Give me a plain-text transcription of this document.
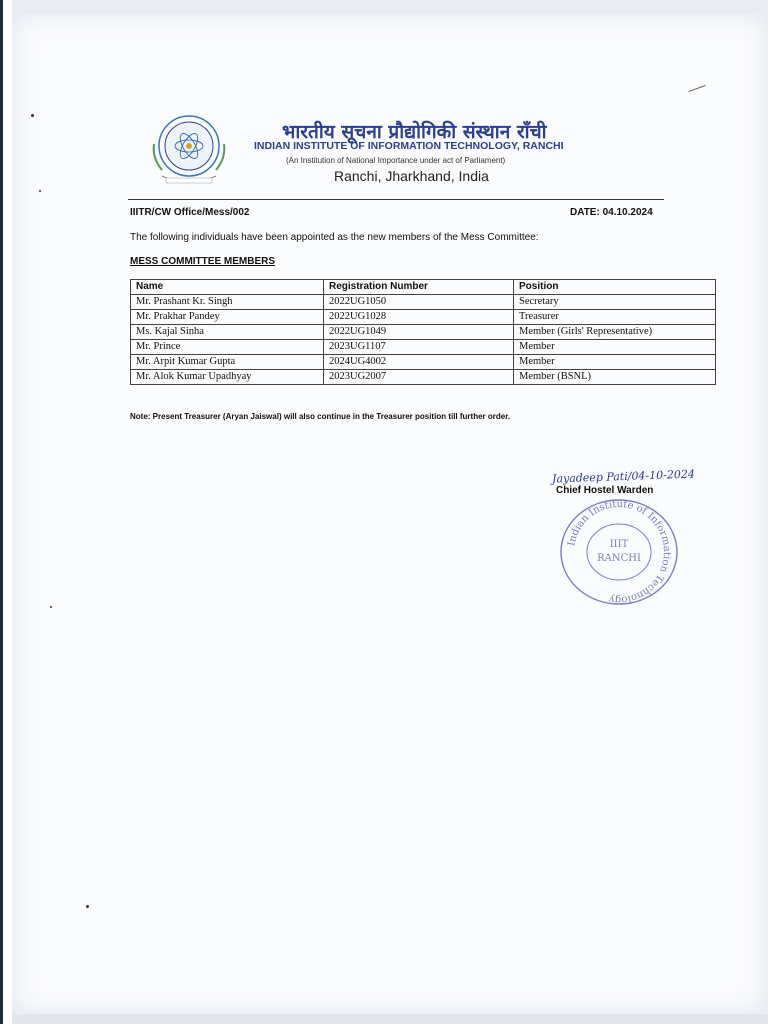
भारतीय सूचना प्रौद्योगिकी संस्थान राँची
INDIAN INSTITUTE OF INFORMATION TECHNOLOGY, RANCHI
(An Institution of National Importance under act of Parliament)
Ranchi, Jharkhand, India
IIITR/CW Office/Mess/002	DATE: 04.10.2024
The following individuals have been appointed as the new members of the Mess Committee:
MESS COMMITTEE MEMBERS
Name	Registration Number	Position
Mr. Prashant Kr. Singh	2022UG1050	Secretary
Mr. Prakhar Pandey	2022UG1028	Treasurer
Ms. Kajal Sinha	2022UG1049	Member (Girls' Representative)
Mr. Prince	2023UG1107	Member
Mr. Arpit Kumar Gupta	2024UG4002	Member
Mr. Alok Kumar Upadhyay	2023UG2007	Member (BSNL)
Note: Present Treasurer (Aryan Jaiswal) will also continue in the Treasurer position till further order.
Jayadeep Pati/04-10-2024
Chief Hostel Warden
Indian Institute of Information Technology
IIIT
RANCHI
